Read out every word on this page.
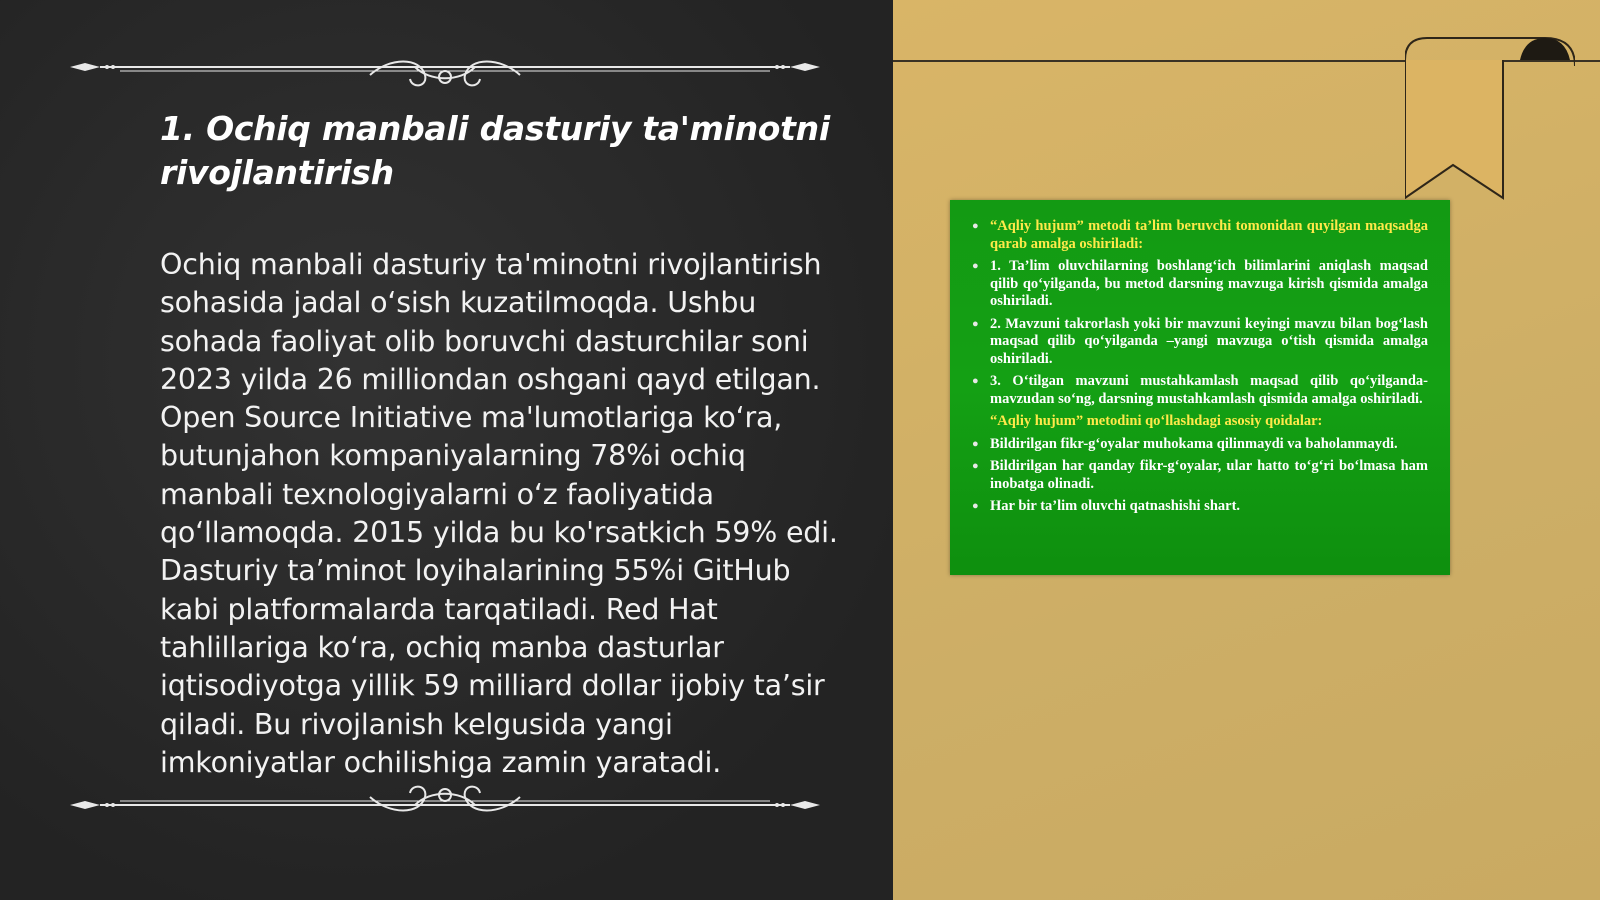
1. Ochiq manbali dasturiy ta'minotni rivojlantirish

Ochiq manbali dasturiy ta'minotni rivojlantirish sohasida jadal o‘sish kuzatilmoqda. Ushbu sohada faoliyat olib boruvchi dasturchilar soni 2023 yilda 26 milliondan oshgani qayd etilgan. Open Source Initiative ma'lumotlariga ko‘ra, butunjahon kompaniyalarning 78%i ochiq manbali texnologiyalarni o‘z faoliyatida qo‘llamoqda. 2015 yilda bu ko'rsatkich 59% edi. Dasturiy ta’minot loyihalarining 55%i GitHub kabi platformalarda tarqatiladi. Red Hat tahlillariga ko‘ra, ochiq manba dasturlar iqtisodiyotga yillik 59 milliard dollar ijobiy ta’sir qiladi. Bu rivojlanish kelgusida yangi imkoniyatlar ochilishiga zamin yaratadi.

● “Aqliy hujum” metodi ta’lim beruvchi tomonidan quyilgan maqsadga qarab amalga oshiriladi:
● 1. Ta’lim oluvchilarning boshlang‘ich bilimlarini aniqlash maqsad qilib qo‘yilganda, bu metod darsning mavzuga kirish qismida amalga oshiriladi.
● 2. Mavzuni takrorlash yoki bir mavzuni keyingi mavzu bilan bog‘lash maqsad qilib qo‘yilganda –yangi mavzuga o‘tish qismida amalga oshiriladi.
● 3. O‘tilgan mavzuni mustahkamlash maqsad qilib qo‘yilganda-mavzudan so‘ng, darsning mustahkamlash qismida amalga oshiriladi.
“Aqliy hujum” metodini qo‘llashdagi asosiy qoidalar:
● Bildirilgan fikr-g‘oyalar muhokama qilinmaydi va baholanmaydi.
● Bildirilgan har qanday fikr-g‘oyalar, ular hatto to‘g‘ri bo‘lmasa ham inobatga olinadi.
● Har bir ta’lim oluvchi qatnashishi shart.
